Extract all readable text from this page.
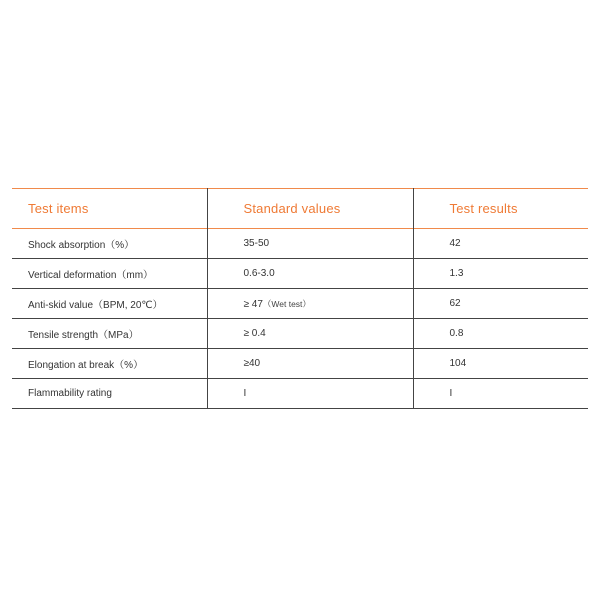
Test items	Standard values	Test results
Shock absorption（%）	35-50	42
Vertical deformation（mm）	0.6-3.0	1.3
Anti-skid value（BPM, 20℃）	≥ 47（Wet test）	62
Tensile strength（MPa）	≥ 0.4	0.8
Elongation at break（%）	≥40	104
Flammability rating	I	I
